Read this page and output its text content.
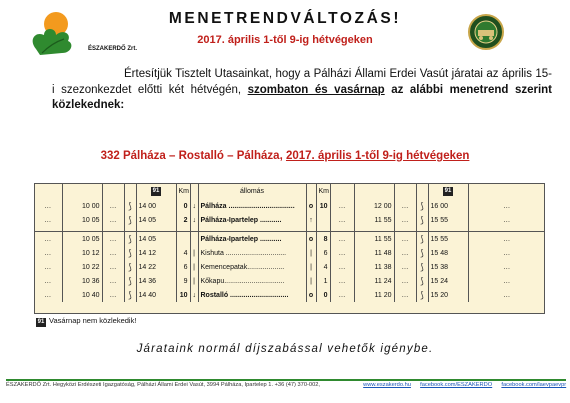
ÉSZAKERDŐ Zrt.
MENETRENDVÁLTOZÁS!
2017. április 1-től 9-ig hétvégeken
Értesítjük Tisztelt Utasainkat, hogy a Pálházi Állami Erdei Vasút járatai az április 15-i szezonkezdet előtti két hétvégén, szombaton és vasárnap az alábbi menetrend szerint közlekednek:
332 Pálháza – Rostalló – Pálháza, 2017. április 1-től 9-ig hétvégeken
				91	Km		állomás		Km					91	
…	10 00	…	⟆	14 00	0	↓	Pálháza ..................................	o	10	…	12 00	…	⟆	16 00	…
…	10 05	…	⟆	14 05	2	↓	Pálháza-Ipartelep ...........	↑		…	11 55	…	⟆	15 55	…

…	10 05	…	⟆	14 05			Pálháza-Ipartelep ...........	o	8	…	11 55	…	⟆	15 55	…
…	10 12	…	⟆	14 12	4	|	Kishuta ...............................	|	6	…	11 48	…	⟆	15 48	…
…	10 22	…	⟆	14 22	6	|	Kemencepatak...................	|	4	…	11 38	…	⟆	15 38	…
…	10 36	…	⟆	14 36	9	|	Kőkapu...............................	|	1	…	11 24	…	⟆	15 24	…
…	10 40	…	⟆	14 40	10	↓	Rostalló ..............................	o	0	…	11 20	…	⟆	15 20	…
91 Vasárnap nem közlekedik!
Járataink normál díjszabással vehetők igénybe.
ÉSZAKERDŐ Zrt. Hegyközi Erdészeti Igazgatóság, Pálházi Állami Erdei Vasút, 3994 Pálháza, Ipartelep 1. +36 (47) 370-002,	www.eszakerdo.hu facebook.com/ESZAKERDO facebook.com/laevpaevpr
